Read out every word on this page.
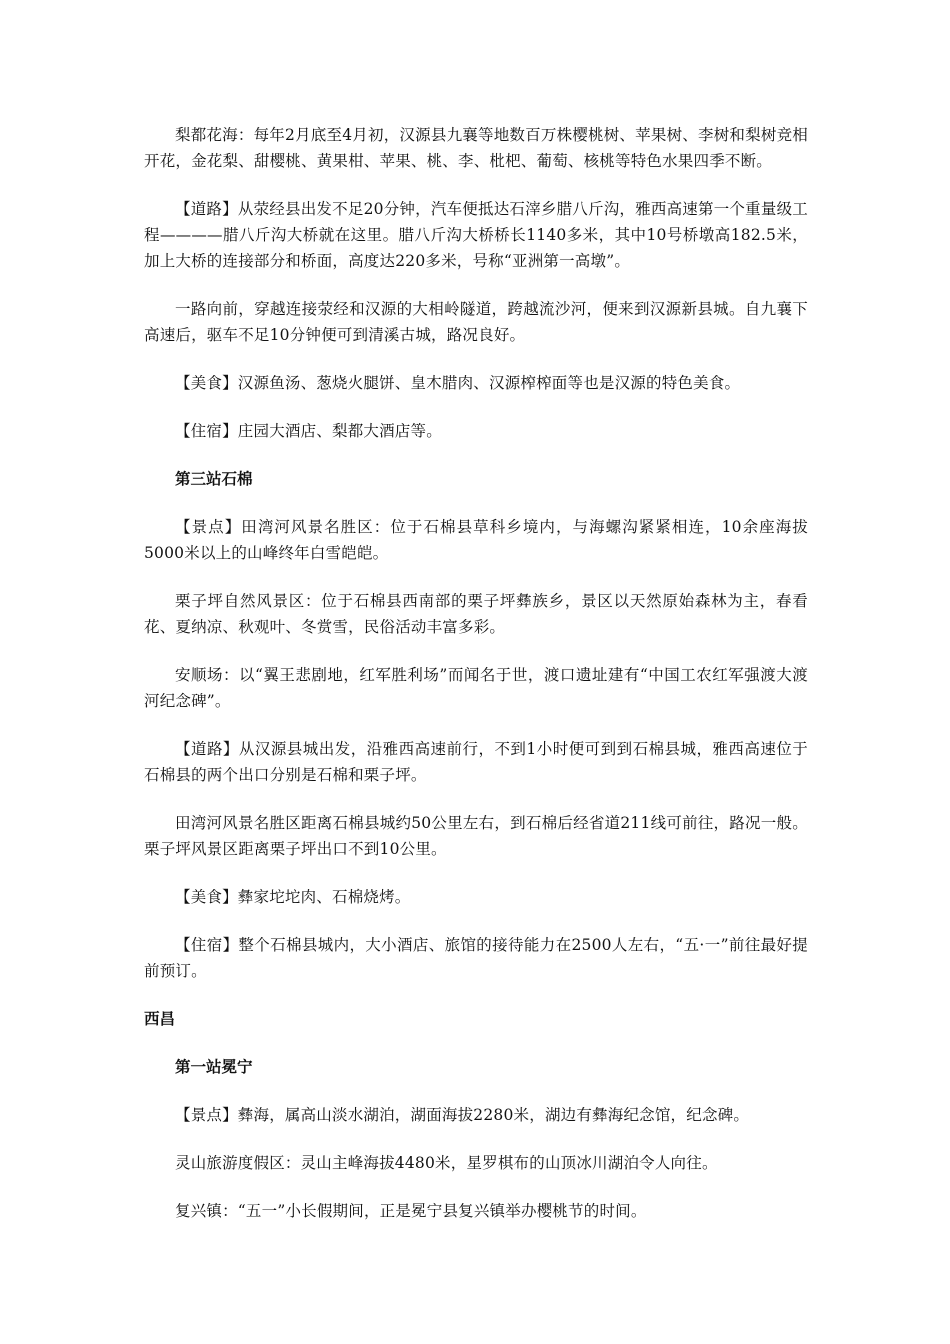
梨都花海：每年2月底至4月初，汉源县九襄等地数百万株樱桃树、苹果树、李树和梨树竞相开花，金花梨、甜樱桃、黄果柑、苹果、桃、李、枇杷、葡萄、核桃等特色水果四季不断。

【道路】从荥经县出发不足20分钟，汽车便抵达石滓乡腊八斤沟，雅西高速第一个重量级工程————腊八斤沟大桥就在这里。腊八斤沟大桥桥长1140多米，其中10号桥墩高182.5米，加上大桥的连接部分和桥面，高度达220多米，号称“亚洲第一高墩”。

一路向前，穿越连接荥经和汉源的大相岭隧道，跨越流沙河，便来到汉源新县城。自九襄下高速后，驱车不足10分钟便可到清溪古城，路况良好。

【美食】汉源鱼汤、葱烧火腿饼、皇木腊肉、汉源榨榨面等也是汉源的特色美食。

【住宿】庄园大酒店、梨都大酒店等。

第三站石棉

【景点】田湾河风景名胜区：位于石棉县草科乡境内，与海螺沟紧紧相连，10余座海拔5000米以上的山峰终年白雪皑皑。

栗子坪自然风景区：位于石棉县西南部的栗子坪彝族乡，景区以天然原始森林为主，春看花、夏纳凉、秋观叶、冬赏雪，民俗活动丰富多彩。

安顺场：以“翼王悲剧地，红军胜利场”而闻名于世，渡口遗址建有“中国工农红军强渡大渡河纪念碑”。

【道路】从汉源县城出发，沿雅西高速前行，不到1小时便可到到石棉县城，雅西高速位于石棉县的两个出口分别是石棉和栗子坪。

田湾河风景名胜区距离石棉县城约50公里左右，到石棉后经省道211线可前往，路况一般。栗子坪风景区距离栗子坪出口不到10公里。

【美食】彝家坨坨肉、石棉烧烤。

【住宿】整个石棉县城内，大小酒店、旅馆的接待能力在2500人左右，“五·一”前往最好提前预订。

西昌
第一站冕宁

【景点】彝海，属高山淡水湖泊，湖面海拔2280米，湖边有彝海纪念馆，纪念碑。

灵山旅游度假区：灵山主峰海拔4480米，星罗棋布的山顶冰川湖泊令人向往。

复兴镇：“五一”小长假期间，正是冕宁县复兴镇举办樱桃节的时间。
